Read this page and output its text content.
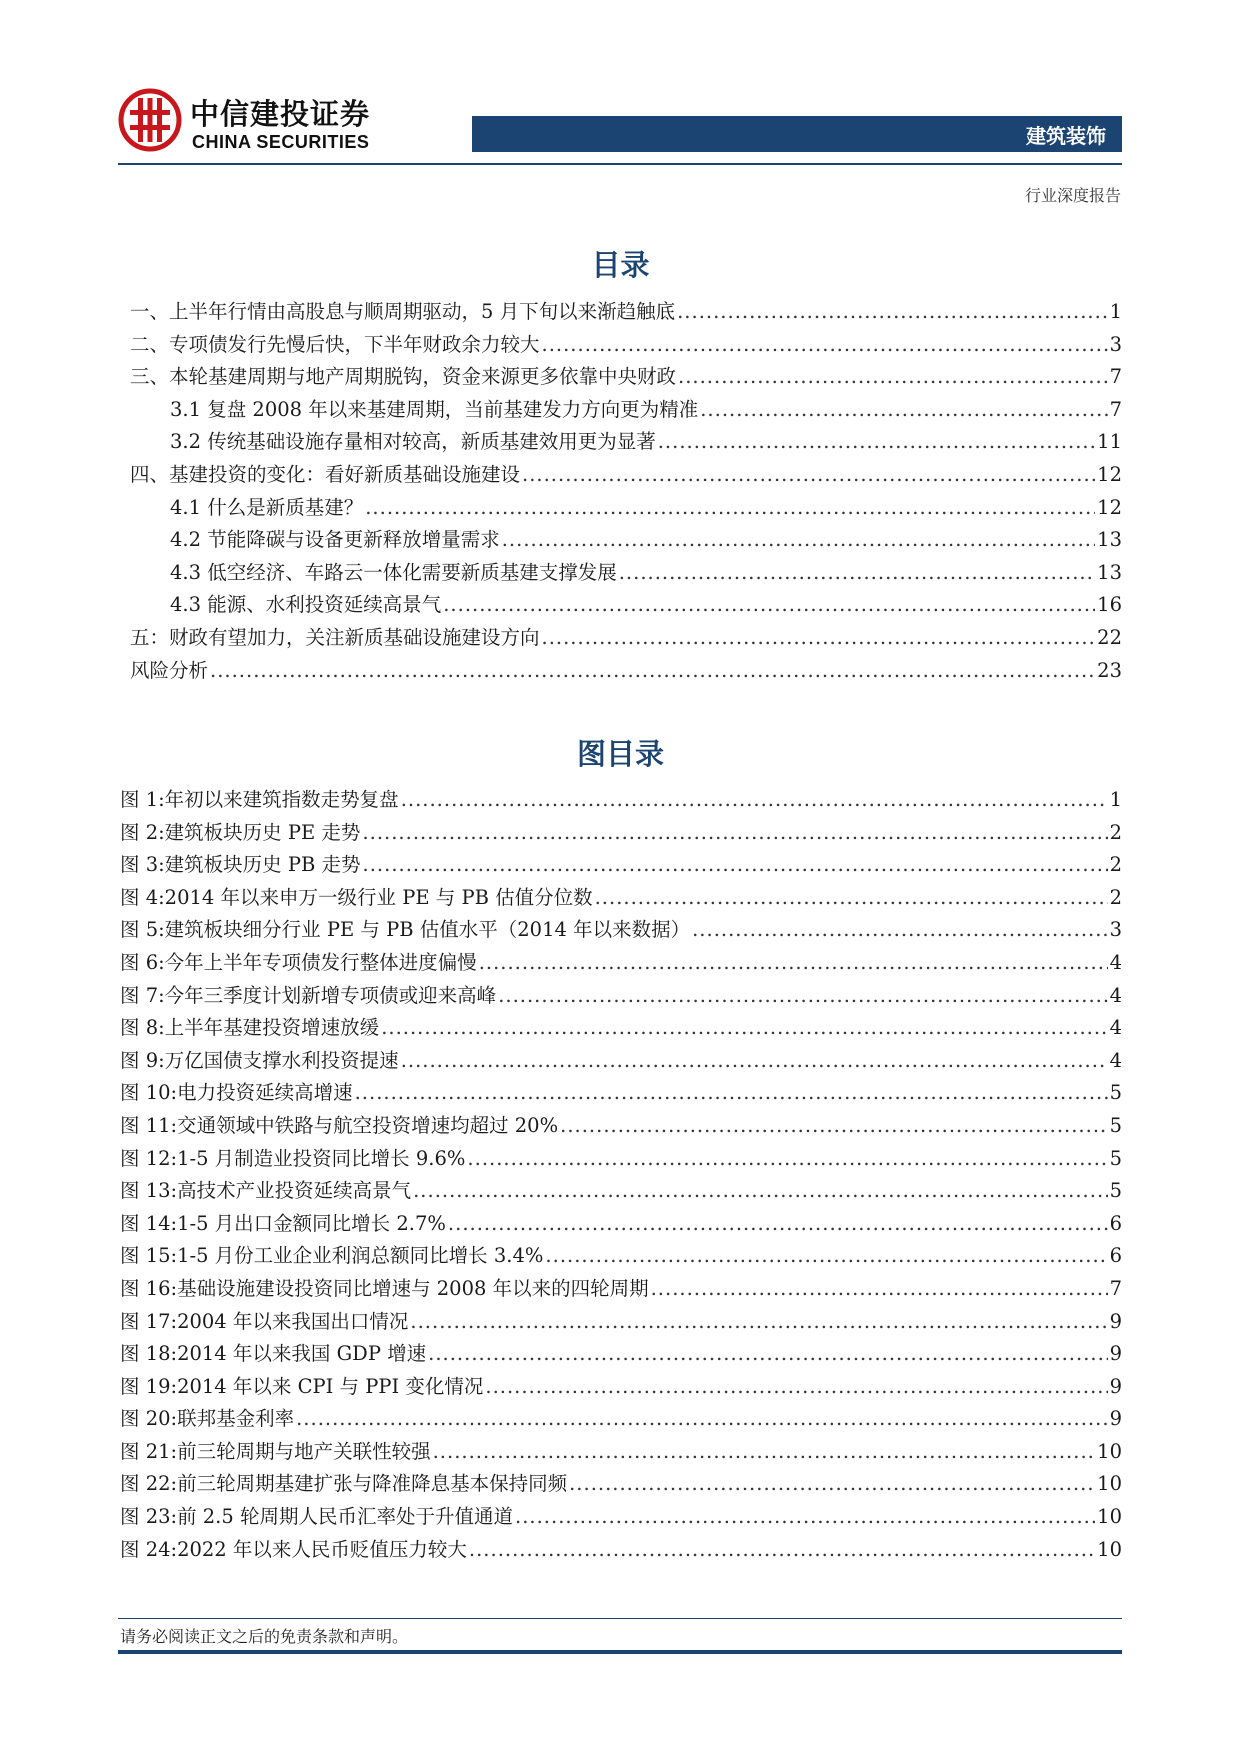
中信建投证券
CHINA SECURITIES	建筑装饰
行业深度报告
目录
一、上半年行情由高股息与顺周期驱动，5 月下旬以来渐趋触底 .....	1
二、专项债发行先慢后快，下半年财政余力较大 .....	3
三、本轮基建周期与地产周期脱钩，资金来源更多依靠中央财政 .....	7
3.1 复盘 2008 年以来基建周期，当前基建发力方向更为精准 .....	7
3.2 传统基础设施存量相对较高，新质基建效用更为显著 .....	11
四、基建投资的变化：看好新质基础设施建设 .....	12
4.1 什么是新质基建？ .....	12
4.2 节能降碳与设备更新释放增量需求 .....	13
4.3 低空经济、车路云一体化需要新质基建支撑发展 .....	13
4.3 能源、水利投资延续高景气 .....	16
五：财政有望加力，关注新质基础设施建设方向 .....	22
风险分析 .....	23
图目录
图 1:年初以来建筑指数走势复盘 .....	1
图 2:建筑板块历史 PE 走势 .....	2
图 3:建筑板块历史 PB 走势 .....	2
图 4:2014 年以来申万一级行业 PE 与 PB 估值分位数 .....	2
图 5:建筑板块细分行业 PE 与 PB 估值水平（2014 年以来数据） .....	3
图 6:今年上半年专项债发行整体进度偏慢 .....	4
图 7:今年三季度计划新增专项债或迎来高峰 .....	4
图 8:上半年基建投资增速放缓 .....	4
图 9:万亿国债支撑水利投资提速 .....	4
图 10:电力投资延续高增速 .....	5
图 11:交通领域中铁路与航空投资增速均超过 20% .....	5
图 12:1-5 月制造业投资同比增长 9.6% .....	5
图 13:高技术产业投资延续高景气 .....	5
图 14:1-5 月出口金额同比增长 2.7% .....	6
图 15:1-5 月份工业企业利润总额同比增长 3.4% .....	6
图 16:基础设施建设投资同比增速与 2008 年以来的四轮周期 .....	7
图 17:2004 年以来我国出口情况 .....	9
图 18:2014 年以来我国 GDP 增速 .....	9
图 19:2014 年以来 CPI 与 PPI 变化情况 .....	9
图 20:联邦基金利率 .....	9
图 21:前三轮周期与地产关联性较强 .....	10
图 22:前三轮周期基建扩张与降准降息基本保持同频 .....	10
图 23:前 2.5 轮周期人民币汇率处于升值通道 .....	10
图 24:2022 年以来人民币贬值压力较大 .....	10
请务必阅读正文之后的免责条款和声明。
